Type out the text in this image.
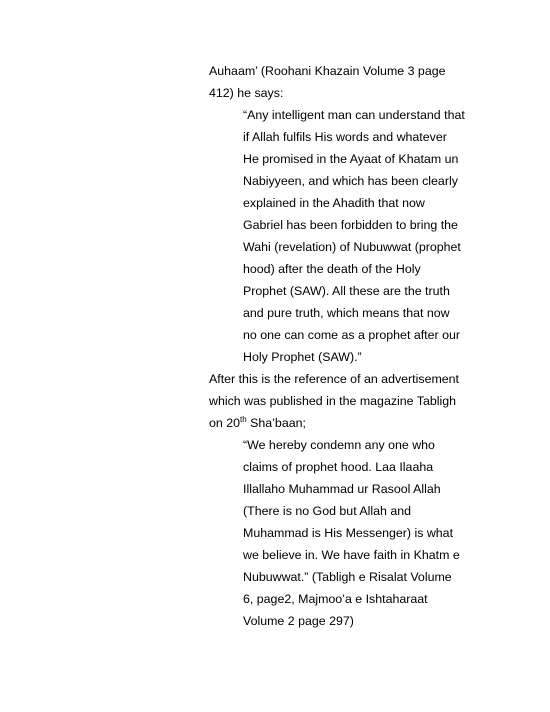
Auhaam’ (Roohani Khazain Volume 3 page

412) he says:

“Any intelligent man can understand that

if Allah fulfils His words and whatever

He promised in the Ayaat of Khatam un

Nabiyyeen, and which has been clearly

explained in the Ahadith that now

Gabriel has been forbidden to bring the

Wahi (revelation) of Nubuwwat (prophet

hood) after the death of the Holy

Prophet (SAW). All these are the truth

and pure truth, which means that now

no one can come as a prophet after our

Holy Prophet (SAW).”

After this is the reference of an advertisement

which was published in the magazine Tabligh

on 20th Sha’baan;

“We hereby condemn any one who

claims of prophet hood. Laa Ilaaha

Illallaho Muhammad ur Rasool Allah

(There is no God but Allah and

Muhammad is His Messenger) is what

we believe in. We have faith in Khatm e

Nubuwwat.” (Tabligh e Risalat Volume

6, page2, Majmoo’a e Ishtaharaat

Volume 2 page 297)
